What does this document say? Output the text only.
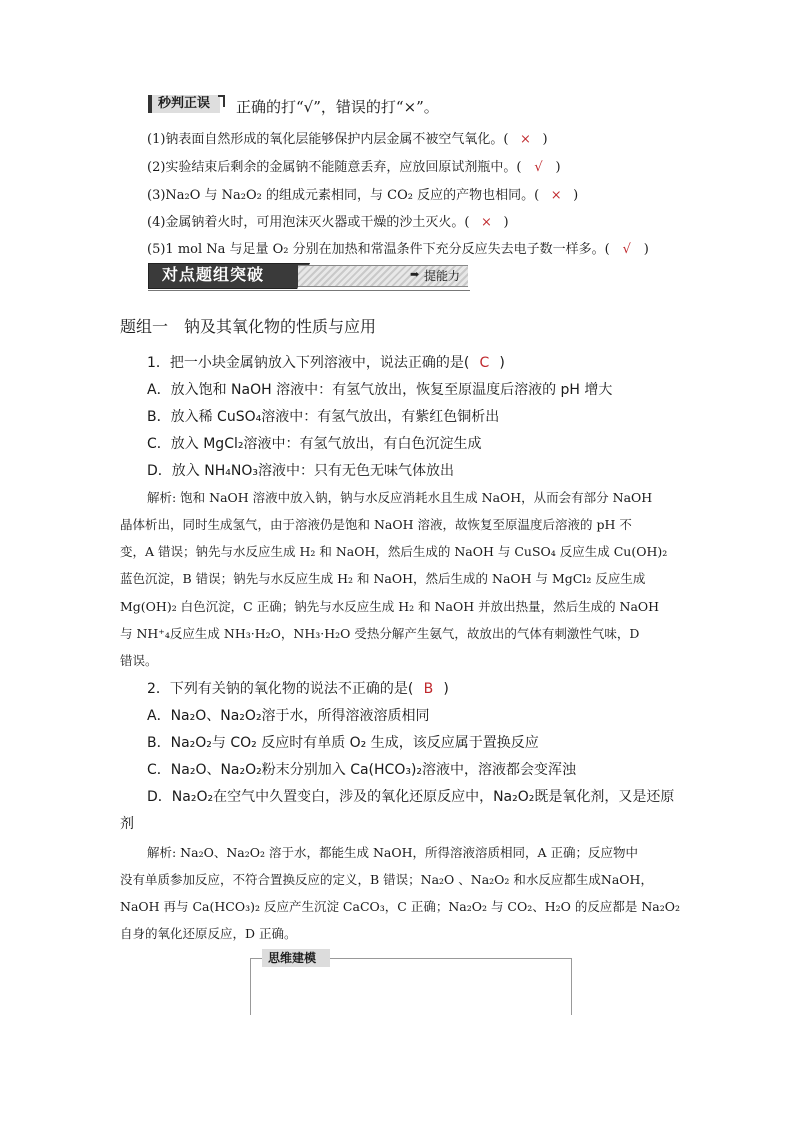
秒判正误	正确的打“√”，错误的打“×”。
(1)钠表面自然形成的氧化层能够保护内层金属不被空气氧化。( × )
(2)实验结束后剩余的金属钠不能随意丢弃，应放回原试剂瓶中。( √ )
(3)Na₂O 与 Na₂O₂ 的组成元素相同，与 CO₂ 反应的产物也相同。( × )
(4)金属钠着火时，可用泡沫灭火器或干燥的沙土灭火。( × )
(5)1 mol Na 与足量 O₂ 分别在加热和常温条件下充分反应失去电子数一样多。( √ )
对点题组突破	➡ 提能力
题组一　钠及其氧化物的性质与应用
1．把一小块金属钠放入下列溶液中，说法正确的是( C )
A．放入饱和 NaOH 溶液中：有氢气放出，恢复至原温度后溶液的 pH 增大
B．放入稀 CuSO₄溶液中：有氢气放出，有紫红色铜析出
C．放入 MgCl₂溶液中：有氢气放出，有白色沉淀生成
D．放入 NH₄NO₃溶液中：只有无色无味气体放出
解析: 饱和 NaOH 溶液中放入钠，钠与水反应消耗水且生成 NaOH，从而会有部分 NaOH
晶体析出，同时生成氢气，由于溶液仍是饱和 NaOH 溶液，故恢复至原温度后溶液的 pH 不
变，A 错误；钠先与水反应生成 H₂ 和 NaOH，然后生成的 NaOH 与 CuSO₄ 反应生成 Cu(OH)₂
蓝色沉淀，B 错误；钠先与水反应生成 H₂ 和 NaOH，然后生成的 NaOH 与 MgCl₂ 反应生成
Mg(OH)₂ 白色沉淀，C 正确；钠先与水反应生成 H₂ 和 NaOH 并放出热量，然后生成的 NaOH
与 NH⁺₄反应生成 NH₃·H₂O，NH₃·H₂O 受热分解产生氨气，故放出的气体有刺激性气味，D
错误。
2．下列有关钠的氧化物的说法不正确的是( B )
A．Na₂O、Na₂O₂溶于水，所得溶液溶质相同
B．Na₂O₂与 CO₂ 反应时有单质 O₂ 生成，该反应属于置换反应
C．Na₂O、Na₂O₂粉末分别加入 Ca(HCO₃)₂溶液中，溶液都会变浑浊
D．Na₂O₂在空气中久置变白，涉及的氧化还原反应中，Na₂O₂既是氧化剂，又是还原
剂
解析: Na₂O、Na₂O₂ 溶于水，都能生成 NaOH，所得溶液溶质相同，A 正确；反应物中
没有单质参加反应，不符合置换反应的定义，B 错误；Na₂O 、Na₂O₂ 和水反应都生成NaOH，
NaOH 再与 Ca(HCO₃)₂ 反应产生沉淀 CaCO₃，C 正确；Na₂O₂ 与 CO₂、H₂O 的反应都是 Na₂O₂
自身的氧化还原反应，D 正确。
思维建模
